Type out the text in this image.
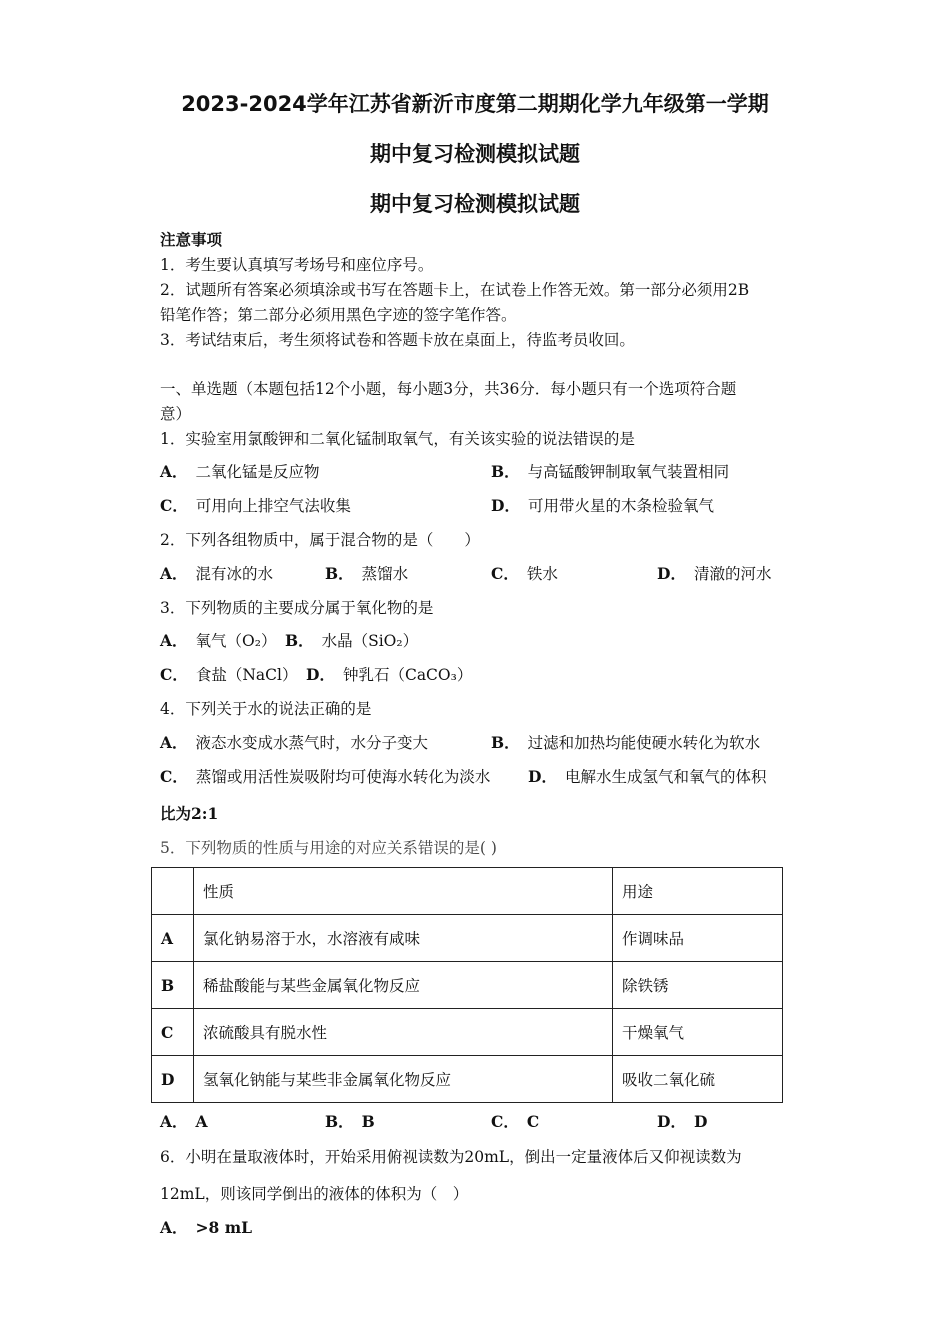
2023-2024学年江苏省新沂市度第二期期化学九年级第一学期
期中复习检测模拟试题
期中复习检测模拟试题
注意事项
1．考生要认真填写考场号和座位序号。
2．试题所有答案必须填涂或书写在答题卡上，在试卷上作答无效。第一部分必须用2B
铅笔作答；第二部分必须用黑色字迹的签字笔作答。
3．考试结束后，考生须将试卷和答题卡放在桌面上，待监考员收回。
一、单选题（本题包括12个小题，每小题3分，共36分．每小题只有一个选项符合题
意）
1．实验室用氯酸钾和二氧化锰制取氧气，有关该实验的说法错误的是
A． 二氧化锰是反应物	B． 与高锰酸钾制取氧气装置相同
C． 可用向上排空气法收集	D． 可用带火星的木条检验氧气
2．下列各组物质中，属于混合物的是（　　）
A． 混有冰的水	B． 蒸馏水	C． 铁水	D． 清澈的河水
3．下列物质的主要成分属于氧化物的是
A． 氧气（O₂） B． 水晶（SiO₂）
C． 食盐（NaCl） D． 钟乳石（CaCO₃）
4．下列关于水的说法正确的是
A． 液态水变成水蒸气时，水分子变大	B． 过滤和加热均能使硬水转化为软水
C． 蒸馏或用活性炭吸附均可使海水转化为淡水 D． 电解水生成氢气和氧气的体积
比为2:1
5．下列物质的性质与用途的对应关系错误的是( )
	性质	用途
A	氯化钠易溶于水，水溶液有咸味	作调味品
B	稀盐酸能与某些金属氧化物反应	除铁锈
C	浓硫酸具有脱水性	干燥氧气
D	氢氧化钠能与某些非金属氧化物反应	吸收二氧化硫
A． A	B． B	C． C	D． D
6．小明在量取液体时，开始采用俯视读数为20mL，倒出一定量液体后又仰视读数为
12mL，则该同学倒出的液体的体积为（　）
A． >8 mL
